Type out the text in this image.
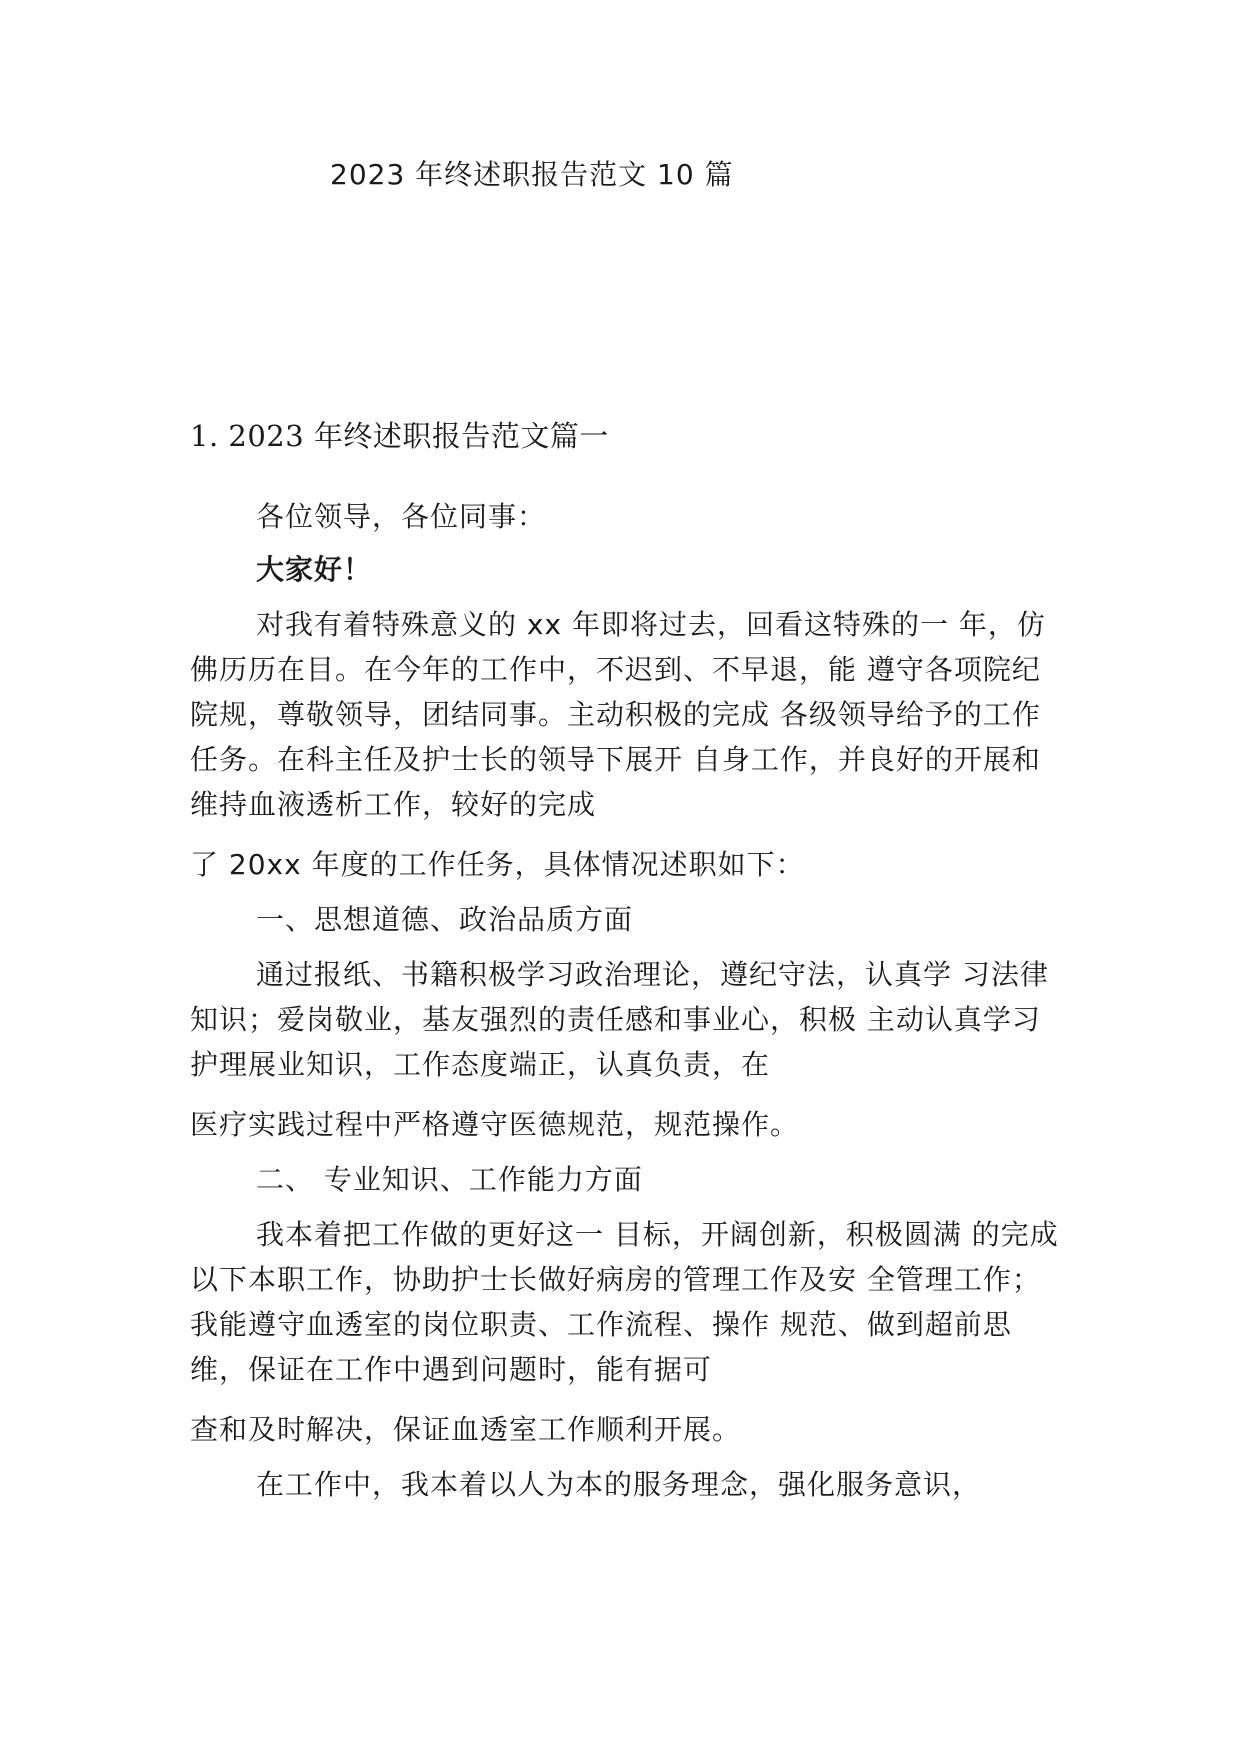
2023 年终述职报告范文 10 篇
1. 2023 年终述职报告范文篇一
各位领导，各位同事：
大家好！
对我有着特殊意义的 xx 年即将过去，回看这特殊的一 年，仿
佛历历在目。在今年的工作中，不迟到、不早退，能 遵守各项院纪
院规，尊敬领导，团结同事。主动积极的完成 各级领导给予的工作
任务。在科主任及护士长的领导下展开 自身工作，并良好的开展和
维持血液透析工作，较好的完成
了 20xx 年度的工作任务，具体情况述职如下：
一、思想道德、政治品质方面
通过报纸、书籍积极学习政治理论，遵纪守法，认真学 习法律
知识；爱岗敬业，基友强烈的责任感和事业心，积极 主动认真学习
护理展业知识，工作态度端正，认真负责，在
医疗实践过程中严格遵守医德规范，规范操作。
二、 专业知识、工作能力方面
我本着把工作做的更好这一 目标，开阔创新，积极圆满 的完成
以下本职工作，协助护士长做好病房的管理工作及安 全管理工作；
我能遵守血透室的岗位职责、工作流程、操作 规范、做到超前思
维，保证在工作中遇到问题时，能有据可
查和及时解决，保证血透室工作顺利开展。
在工作中，我本着以人为本的服务理念，强化服务意识，
